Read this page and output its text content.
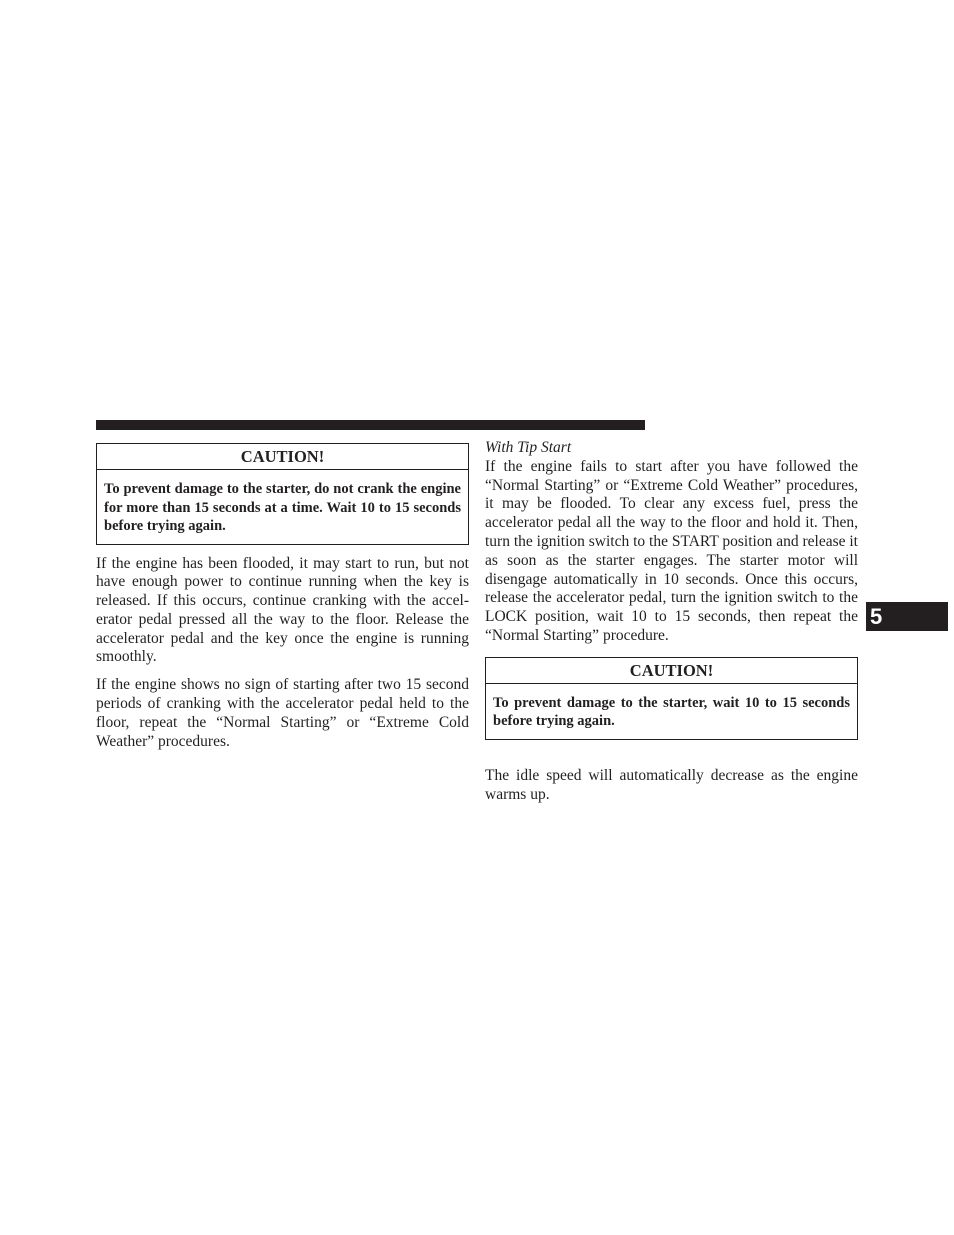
CAUTION!
To prevent damage to the starter, do not crank the engine for more than 15 seconds at a time. Wait 10 to 15 seconds before trying again.

If the engine has been flooded, it may start to run, but not have enough power to continue running when the key is released. If this occurs, continue cranking with the accelerator pedal pressed all the way to the floor. Release the accelerator pedal and the key once the engine is running smoothly.

If the engine shows no sign of starting after two 15 second periods of cranking with the accelerator pedal held to the floor, repeat the “Normal Starting” or “Extreme Cold Weather” procedures.

With Tip Start

If the engine fails to start after you have followed the “Normal Starting” or “Extreme Cold Weather” procedures, it may be flooded. To clear any excess fuel, press the accelerator pedal all the way to the floor and hold it. Then, turn the ignition switch to the START position and release it as soon as the starter engages. The starter motor will disengage automatically in 10 seconds. Once this occurs, release the accelerator pedal, turn the ignition switch to the LOCK position, wait 10 to 15 seconds, then repeat the “Normal Starting” procedure.

CAUTION!
To prevent damage to the starter, wait 10 to 15 seconds before trying again.

The idle speed will automatically decrease as the engine warms up.

5
